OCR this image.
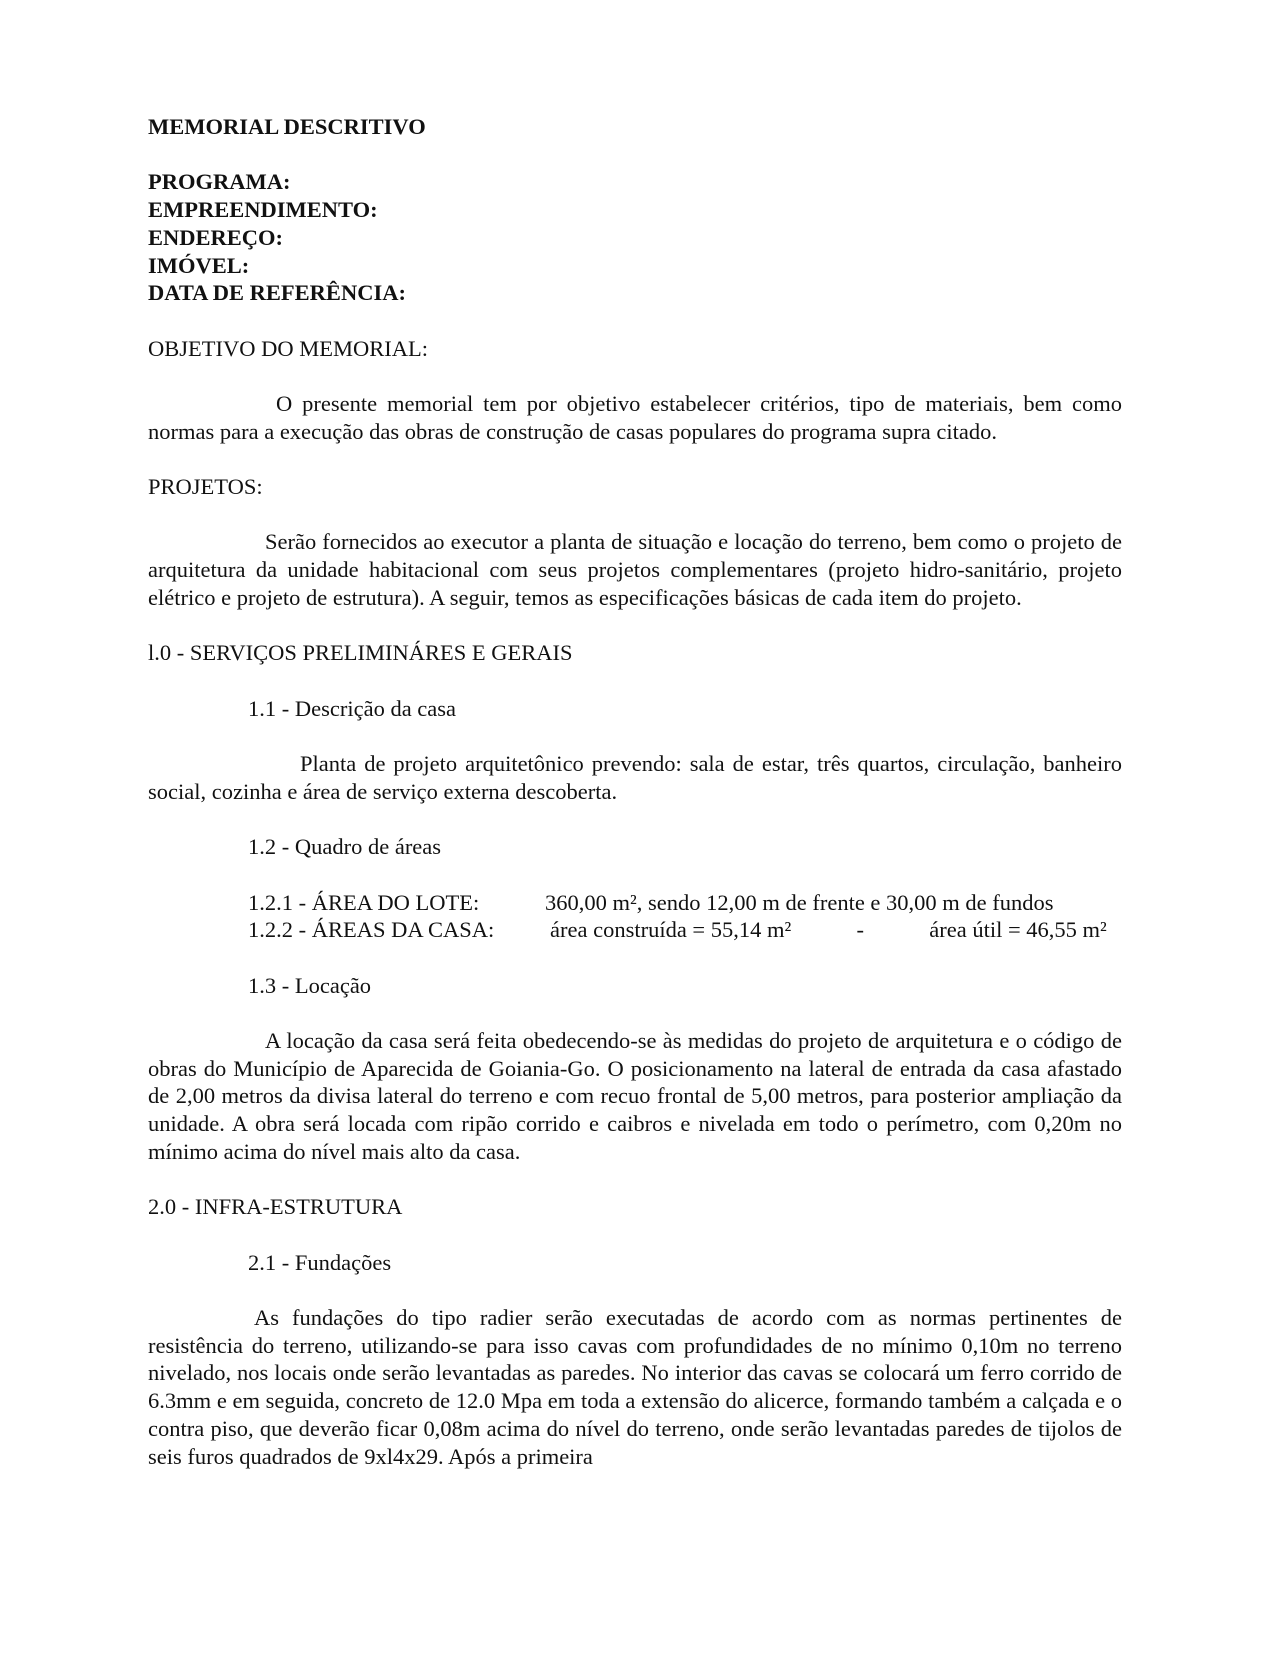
MEMORIAL DESCRITIVO

PROGRAMA:

EMPREENDIMENTO:

ENDEREÇO:

IMÓVEL:

DATA DE REFERÊNCIA:

OBJETIVO DO MEMORIAL:

O presente memorial tem por objetivo estabelecer critérios, tipo de materiais, bem como normas para a execução das obras de construção de casas populares do programa supra citado.

PROJETOS:

Serão fornecidos ao executor a planta de situação e locação do terreno, bem como o projeto de arquitetura da unidade habitacional com seus projetos complementares (projeto hidro-sanitário, projeto elétrico e projeto de estrutura). A seguir, temos as especificações básicas de cada item do projeto.

l.0 - SERVIÇOS PRELIMINÁRES E GERAIS

1.1 - Descrição da casa

Planta de projeto arquitetônico prevendo: sala de estar, três quartos, circulação, banheiro social, cozinha e área de serviço externa descoberta.

1.2 - Quadro de áreas

1.2.1 - ÁREA DO LOTE:	360,00 m², sendo 12,00 m de frente e 30,00 m de fundos
1.2.2 - ÁREAS DA CASA:	área construída = 55,14 m²	-	área útil = 46,55 m²

1.3 - Locação

A locação da casa será feita obedecendo-se às medidas do projeto de arquitetura e o código de obras do Município de Aparecida de Goiania-Go. O posicionamento na lateral de entrada da casa afastado de 2,00 metros da divisa lateral do terreno e com recuo frontal de 5,00 metros, para posterior ampliação da unidade. A obra será locada com ripão corrido e caibros e nivelada em todo o perímetro, com 0,20m no mínimo acima do nível mais alto da casa.

2.0 - INFRA-ESTRUTURA

2.1 - Fundações

As fundações do tipo radier serão executadas de acordo com as normas pertinentes de resistência do terreno, utilizando-se para isso cavas com profundidades de no mínimo 0,10m no terreno nivelado, nos locais onde serão levantadas as paredes. No interior das cavas se colocará um ferro corrido de 6.3mm e em seguida, concreto de 12.0 Mpa em toda a extensão do alicerce, formando também a calçada e o contra piso, que deverão ficar 0,08m acima do nível do terreno, onde serão levantadas paredes de tijolos de seis furos quadrados de 9xl4x29. Após a primeira
